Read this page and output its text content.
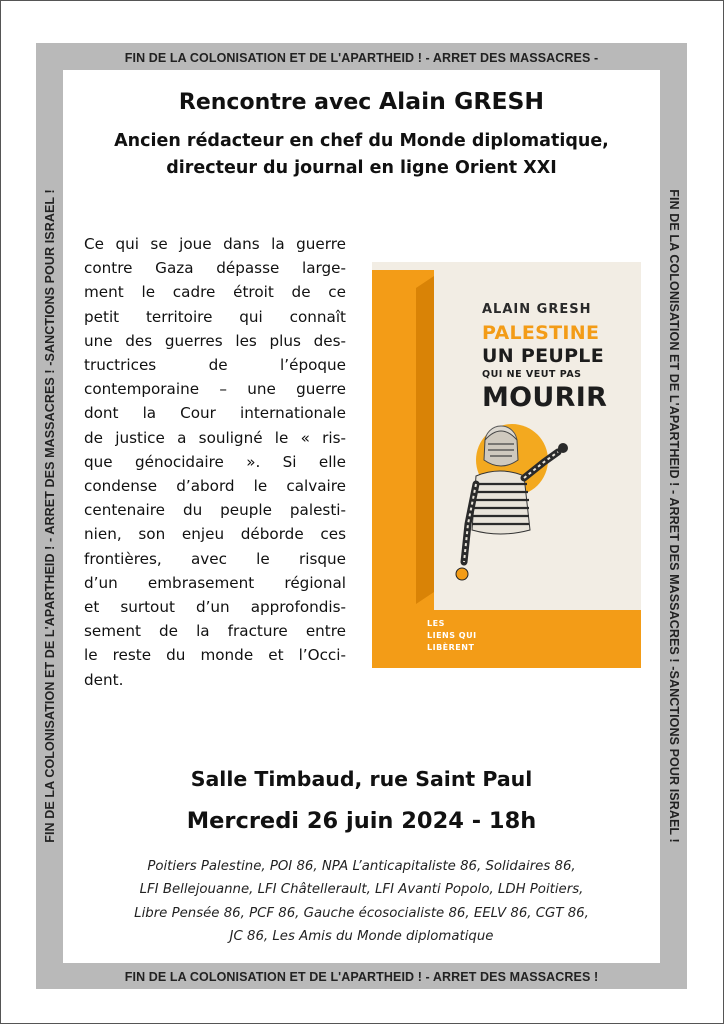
FIN DE LA COLONISATION ET DE L'APARTHEID ! - ARRET DES MASSACRES -
FIN DE LA COLONISATION ET DE L'APARTHEID ! - ARRET DES MASSACRES !
FIN DE LA COLONISATION ET DE L'APARTHEID ! - ARRET DES MASSACRES ! -SANCTIONS POUR ISRAEL !	FIN DE LA COLONISATION ET DE L'APARTHEID ! - ARRET DES MASSACRES ! -SANCTIONS POUR ISRAEL !
Rencontre avec Alain GRESH
Ancien rédacteur en chef du Monde diplomatique,
directeur du journal en ligne Orient XXI
Ce qui se joue dans la guerre
contre Gaza dépasse large-
ment le cadre étroit de ce
petit territoire qui connaît
une des guerres les plus des-
tructrices de l’époque
contemporaine – une guerre
dont la Cour internationale
de justice a souligné le « ris-
que génocidaire ». Si elle
condense d’abord le calvaire
centenaire du peuple palesti-
nien, son enjeu déborde ces
frontières, avec le risque
d’un embrasement régional
et surtout d’un approfondis-
sement de la fracture entre
le reste du monde et l’Occi-
dent.
ALAIN GRESH
PALESTINE
UN PEUPLE
QUI NE VEUT PAS
MOURIR
LES
LIENS QUI
LIBÈRENT
Salle Timbaud, rue Saint Paul
Mercredi 26 juin 2024 - 18h
Poitiers Palestine, POI 86, NPA L’anticapitaliste 86, Solidaires 86,
LFI Bellejouanne, LFI Châtellerault, LFI Avanti Popolo, LDH Poitiers,
Libre Pensée 86, PCF 86, Gauche écosocialiste 86, EELV 86, CGT 86,
JC 86, Les Amis du Monde diplomatique
